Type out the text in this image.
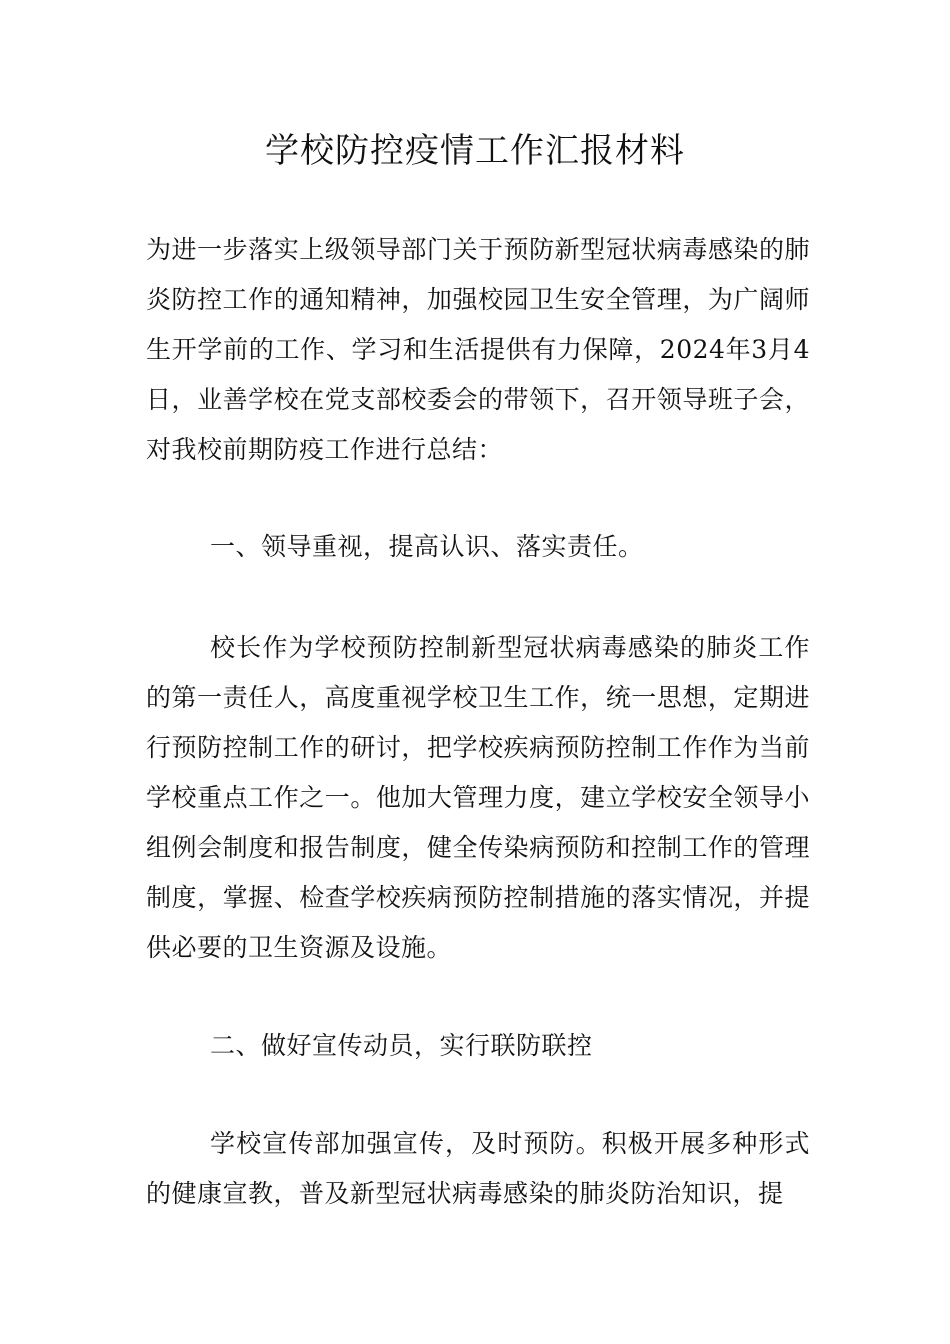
学校防控疫情工作汇报材料

为进一步落实上级领导部门关于预防新型冠状病毒感染的肺炎防控工作的通知精神，加强校园卫生安全管理，为广阔师生开学前的工作、学习和生活提供有力保障，2024年3月4日，业善学校在党支部校委会的带领下，召开领导班子会，对我校前期防疫工作进行总结：

一、领导重视，提高认识、落实责任。

校长作为学校预防控制新型冠状病毒感染的肺炎工作的第一责任人，高度重视学校卫生工作，统一思想，定期进行预防控制工作的研讨，把学校疾病预防控制工作作为当前学校重点工作之一。他加大管理力度，建立学校安全领导小组例会制度和报告制度，健全传染病预防和控制工作的管理制度，掌握、检查学校疾病预防控制措施的落实情况，并提供必要的卫生资源及设施。

二、做好宣传动员，实行联防联控

学校宣传部加强宣传，及时预防。积极开展多种形式的健康宣教，普及新型冠状病毒感染的肺炎防治知识，提
